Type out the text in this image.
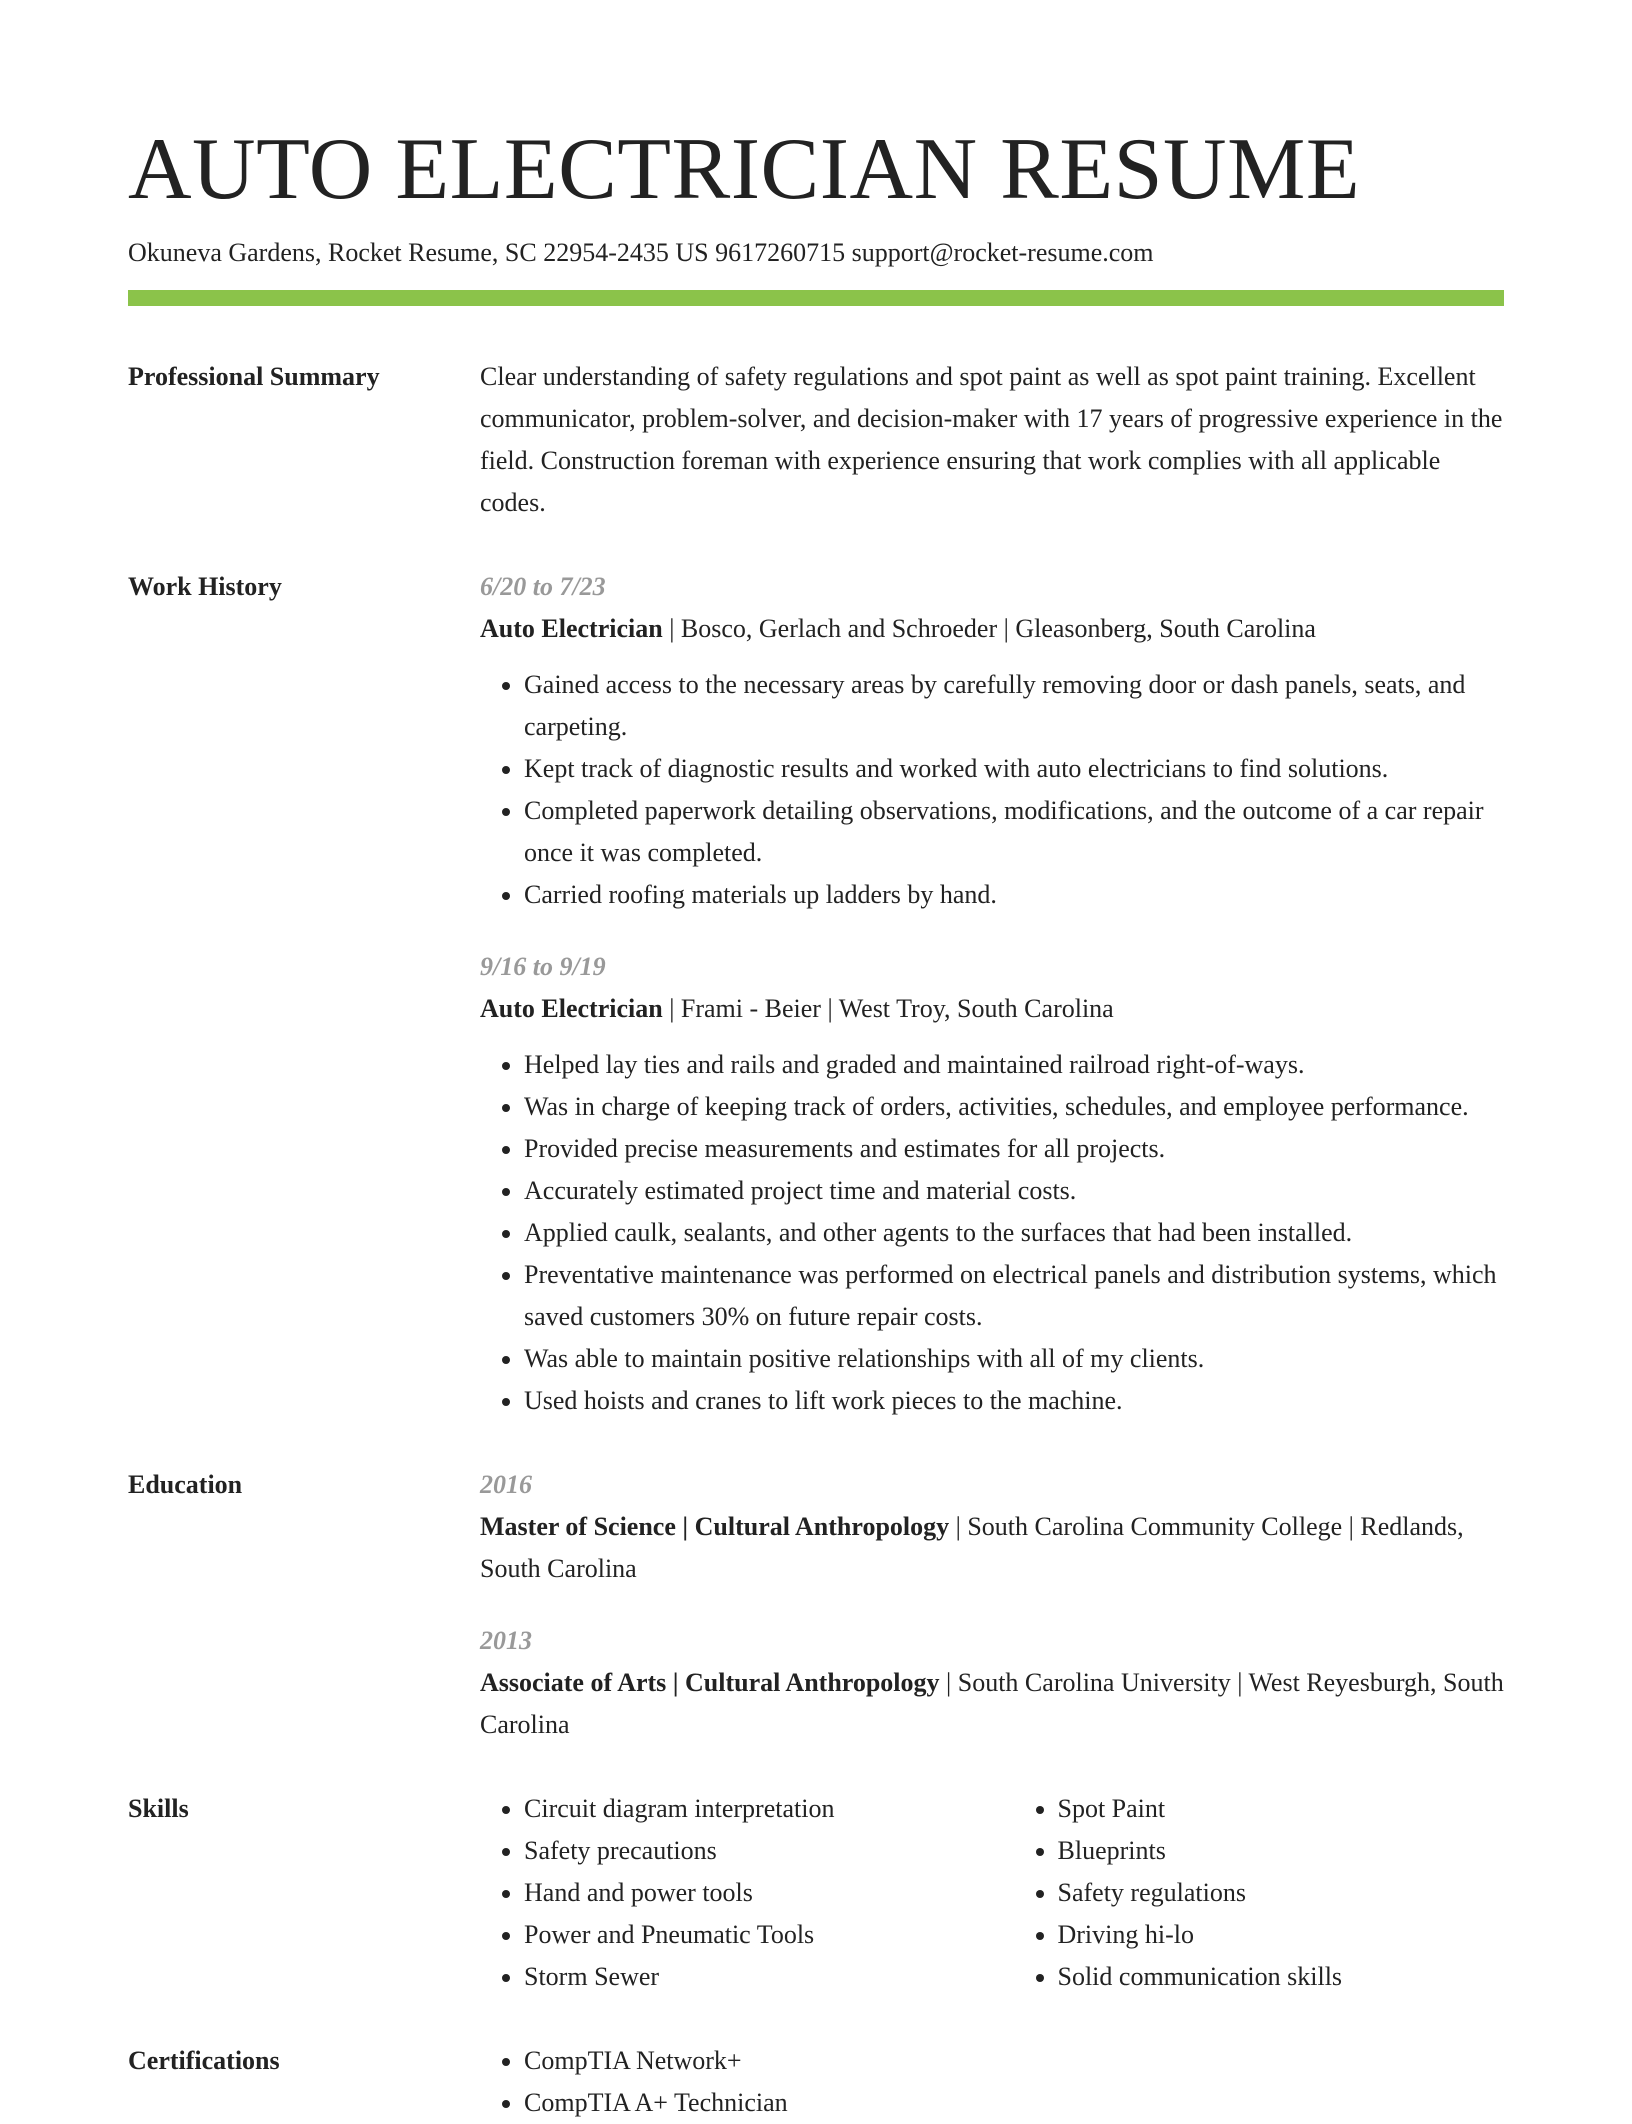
AUTO ELECTRICIAN RESUME
Okuneva Gardens, Rocket Resume, SC 22954-2435 US 9617260715 support@rocket-resume.com
Professional Summary	Clear understanding of safety regulations and spot paint as well as spot paint training. Excellent communicator, problem-solver, and decision-maker with 17 years of progressive experience in the field. Construction foreman with experience ensuring that work complies with all applicable codes.

Work History	6/20 to 7/23
Auto Electrician | Bosco, Gerlach and Schroeder | Gleasonberg, South Carolina
• Gained access to the necessary areas by carefully removing door or dash panels, seats, and carpeting.
• Kept track of diagnostic results and worked with auto electricians to find solutions.
• Completed paperwork detailing observations, modifications, and the outcome of a car repair once it was completed.
• Carried roofing materials up ladders by hand.
9/16 to 9/19
Auto Electrician | Frami - Beier | West Troy, South Carolina
• Helped lay ties and rails and graded and maintained railroad right-of-ways.
• Was in charge of keeping track of orders, activities, schedules, and employee performance.
• Provided precise measurements and estimates for all projects.
• Accurately estimated project time and material costs.
• Applied caulk, sealants, and other agents to the surfaces that had been installed.
• Preventative maintenance was performed on electrical panels and distribution systems, which saved customers 30% on future repair costs.
• Was able to maintain positive relationships with all of my clients.
• Used hoists and cranes to lift work pieces to the machine.
Education	2016
Master of Science | Cultural Anthropology | South Carolina Community College | Redlands, South Carolina
2013
Associate of Arts | Cultural Anthropology | South Carolina University | West Reyesburgh, South Carolina
Skills	• Circuit diagram interpretation
• Safety precautions
• Hand and power tools
• Power and Pneumatic Tools
• Storm Sewer
• Spot Paint
• Blueprints
• Safety regulations
• Driving hi-lo
• Solid communication skills
Certifications	• CompTIA Network+
• CompTIA A+ Technician
